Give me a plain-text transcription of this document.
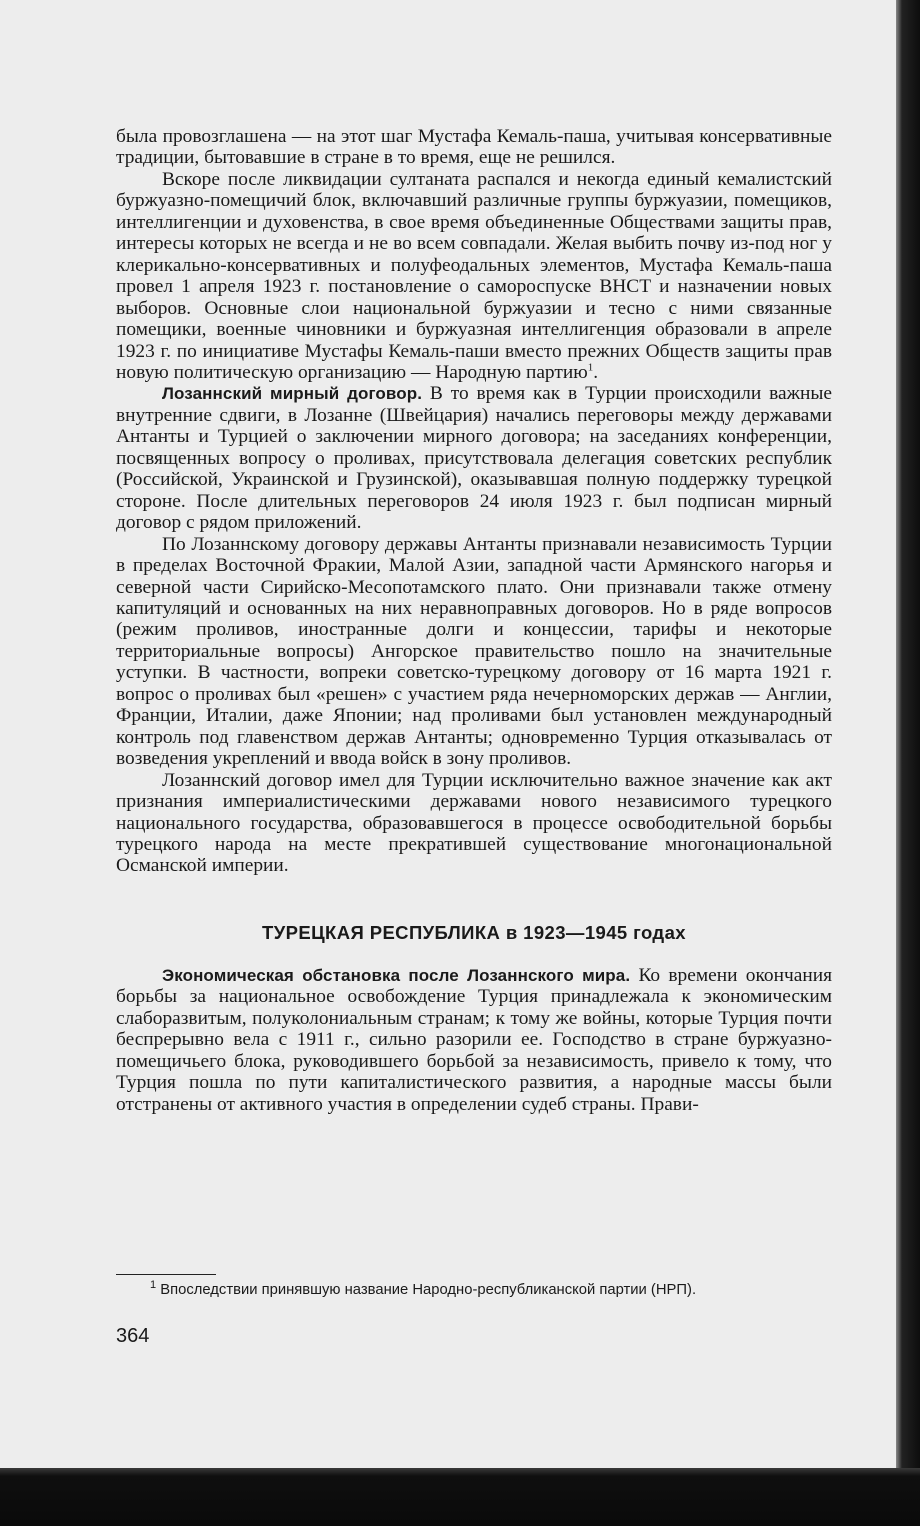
была провозглашена — на этот шаг Мустафа Кемаль-паша, учитывая консервативные традиции, бытовавшие в стране в то время, еще не решился.

Вскоре после ликвидации султаната распался и некогда единый кемалистский буржуазно-помещичий блок, включавший различные группы буржуазии, помещиков, интеллигенции и духовенства, в свое время объединенные Обществами защиты прав, интересы которых не всегда и не во всем совпадали. Желая выбить почву из-под ног у клерикально-консервативных и полуфеодальных элементов, Мустафа Кемаль-паша провел 1 апреля 1923 г. постановление о самороспуске ВНСТ и назначении новых выборов. Основные слои национальной буржуазии и тесно с ними связанные помещики, военные чиновники и буржуазная интеллигенция образовали в апреле 1923 г. по инициативе Мустафы Кемаль-паши вместо прежних Обществ защиты прав новую политическую организацию — Народную партию$^1$.

Лозаннский мирный договор. В то время как в Турции происходили важные внутренние сдвиги, в Лозанне (Швейцария) начались переговоры между державами Антанты и Турцией о заключении мирного договора; на заседаниях конференции, посвященных вопросу о проливах, присутствовала делегация советских республик (Российской, Украинской и Грузинской), оказывавшая полную поддержку турецкой стороне. После длительных переговоров 24 июля 1923 г. был подписан мирный договор с рядом приложений.

По Лозаннскому договору державы Антанты признавали независимость Турции в пределах Восточной Фракии, Малой Азии, западной части Армянского нагорья и северной части Сирийско-Месопотамского плато. Они признавали также отмену капитуляций и основанных на них неравноправных договоров. Но в ряде вопросов (режим проливов, иностранные долги и концессии, тарифы и некоторые территориальные вопросы) Ангорское правительство пошло на значительные уступки. В частности, вопреки советско-турецкому договору от 16 марта 1921 г. вопрос о проливах был «решен» с участием ряда нечерноморских держав — Англии, Франции, Италии, даже Японии; над проливами был установлен международный контроль под главенством держав Антанты; одновременно Турция отказывалась от возведения укреплений и ввода войск в зону проливов.

Лозаннский договор имел для Турции исключительно важное значение как акт признания империалистическими державами нового независимого турецкого национального государства, образовавшегося в процессе освободительной борьбы турецкого народа на месте прекратившей существование многонациональной Османской империи.

ТУРЕЦКАЯ РЕСПУБЛИКА в 1923—1945 годах

Экономическая обстановка после Лозаннского мира. Ко времени окончания борьбы за национальное освобождение Турция принадлежала к экономическим слаборазвитым, полуколониальным странам; к тому же войны, которые Турция почти беспрерывно вела с 1911 г., сильно разорили ее. Господство в стране буржуазно-помещичьего блока, руководившего борьбой за независимость, привело к тому, что Турция пошла по пути капиталистического развития, а народные массы были отстранены от активного участия в определении судеб страны. Прави-

$^1$ Впоследствии принявшую название Народно-республиканской партии (НРП).
364
